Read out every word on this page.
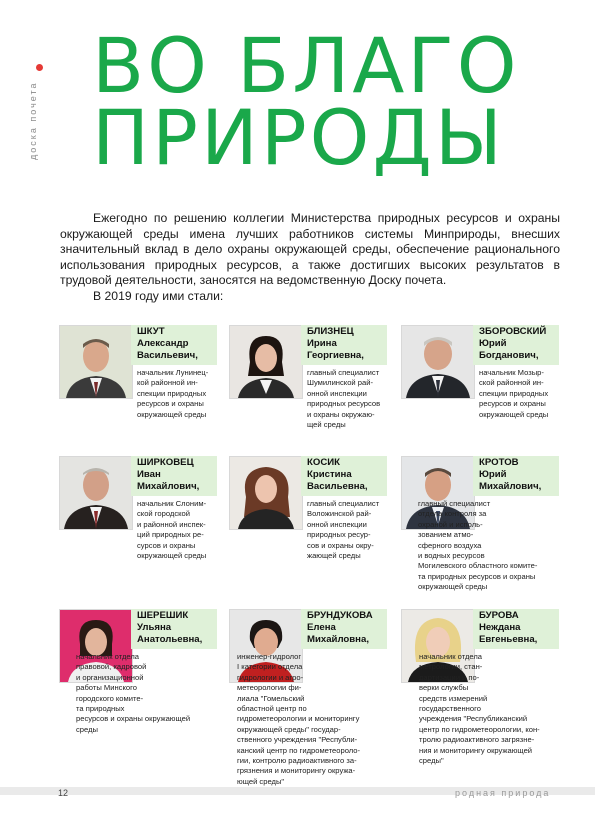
доска почета
ВО БЛАГО
ПРИРОДЫ

Ежегодно по решению коллегии Министерства природных ресурсов и охраны окружающей среды имена лучших работников системы Минприроды, внесших значительный вклад в дело охраны окружающей среды, обеспечение рационального использования природных ресурсов, а также достигших высоких результатов в трудовой деятельности, заносятся на ведомственную Доску почета.

В 2019 году ими стали:

ШКУТ
Александр
Васильевич,
начальник Лунинец-
кой районной ин-
спекции природных
ресурсов и охраны
окружающей среды
БЛИЗНЕЦ
Ирина
Георгиевна,
главный специалист
Шумилинской рай-
онной инспекции
природных ресурсов
и охраны окружаю-
щей среды
ЗБОРОВСКИЙ
Юрий
Богданович,
начальник Мозыр-
ской районной ин-
спекции природных
ресурсов и охраны
окружающей среды
ШИРКОВЕЦ
Иван
Михайлович,
начальник Слоним-
ской городской
и районной инспек-
ций природных ре-
сурсов и охраны
окружающей среды
КОСИК
Кристина
Васильевна,
главный специалист
Воложинской рай-
онной инспекции
природных ресур-
сов и охраны окру-
жающей среды
КРОТОВ
Юрий
Михайлович,
главный специалист
отдела контроля за
охраной и исполь-
зованием атмо-
сферного воздуха
и водных ресурсов
Могилевского областного комите-
та природных ресурсов и охраны
окружающей среды
ШЕРЕШИК
Ульяна
Анатольевна,
начальник отдела
правовой, кадровой
и организационной
работы Минского
городского комите-
та природных
ресурсов и охраны окружающей
среды
БРУНДУКОВА
Елена
Михайловна,
инженер-гидролог
I категории отдела
гидрологии и агро-
метеорологии фи-
лиала "Гомельский
областной центр по
гидрометеорологии и мониторингу
окружающей среды" государ-
ственного учреждения "Республи-
канский центр по гидрометеороло-
гии, контролю радиоактивного за-
грязнения и мониторингу окружа-
ющей среды"
БУРОВА
Неждана
Евгеньевна,
начальник отдела
метрологии, стан-
дартизации и по-
верки службы
средств измерений
государственного
учреждения "Республиканский
центр по гидрометеорологии, кон-
тролю радиоактивного загрязне-
ния и мониторингу окружающей
среды"
12	родная природа
